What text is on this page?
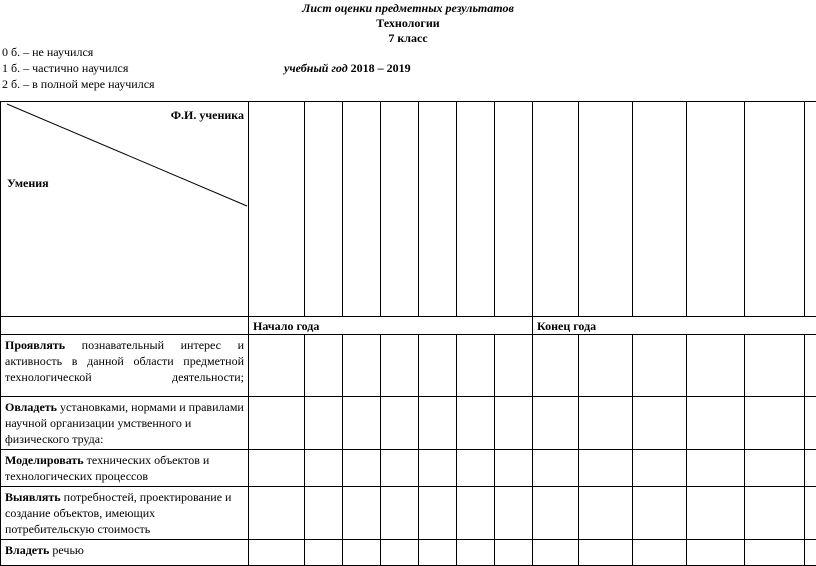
Лист оценки предметных результатов
Технологии
7 класс
0 б. – не научился
1 б. – частично научился
2 б. – в полной мере научился
учебный год 2018 – 2019
Ф.И. ученика
Умения														

	Начало года							Конец года						
Проявлять познавательный интерес и активность в данной области предметной технологической деятельности;														
Овладеть установками, нормами и правилами научной организации умственного и физического труда:														
Моделировать технических объектов и технологических процессов														
Выявлять потребностей, проектирование и создание объектов, имеющих потребительскую стоимость														
Владеть речью														
